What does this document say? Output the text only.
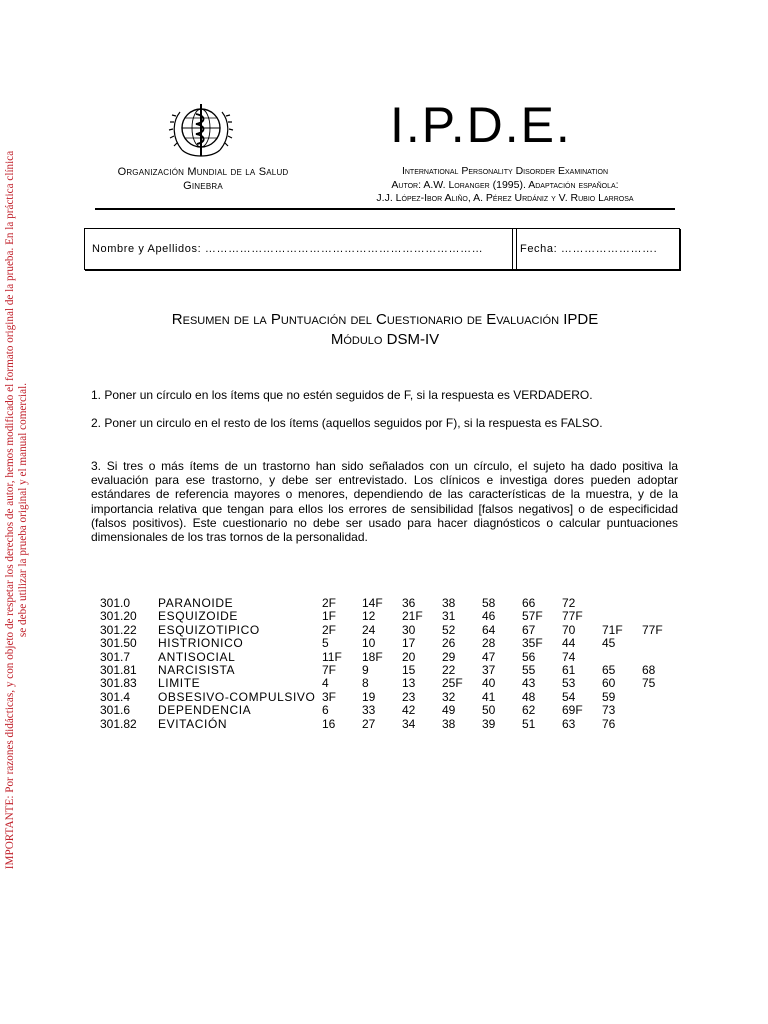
IMPORTANTE: Por razones didácticas, y con objeto de respetar los derechos de autor, hemos modificado el formato original de la prueba. En la práctica clínica se debe utilizar la prueba original y el manual comercial.
Organización Mundial de la Salud
Ginebra
I.P.D.E.
International Personality Disorder Examination
Autor: A.W. Loranger (1995). Adaptación española:
J.J. López-Ibor Aliño, A. Pérez Urdániz y V. Rubio Larrosa
Nombre y Apellidos: ………………………………………………………………	Fecha: …………………….
Resumen de la Puntuación del Cuestionario de Evaluación IPDE
Módulo DSM-IV
1. Poner un círculo en los ítems que no estén seguidos de F, si la respuesta es VERDADERO.
2. Poner un circulo en el resto de los ítems (aquellos seguidos por F), si la respuesta es FALSO.
3. Si tres o más ítems de un trastorno han sido señalados con un círculo, el sujeto ha dado positiva la evaluación para ese trastorno, y debe ser entrevistado. Los clínicos e investiga dores pueden adoptar estándares de referencia mayores o menores, dependiendo de las características de la muestra, y de la importancia relativa que tengan para ellos los errores de sensibilidad [falsos negativos] o de especificidad (falsos positivos). Este cuestionario no debe ser usado para hacer diagnósticos o calcular puntuaciones dimensionales de los tras tornos de la personalidad.
301.0	PARANOIDE	2F	14F	36	38	58	66	72		
301.20	ESQUIZOIDE	1F	12	21F	31	46	57F	77F		
301.22	ESQUIZOTIPICO	2F	24	30	52	64	67	70	71F	77F
301.50	HISTRIONICO	5	10	17	26	28	35F	44	45	
301.7	ANTISOCIAL	11F	18F	20	29	47	56	74		
301.81	NARCISISTA	7F	9	15	22	37	55	61	65	68
301.83	LIMITE	4	8	13	25F	40	43	53	60	75
301.4	OBSESIVO-COMPULSIVO	3F	19	23	32	41	48	54	59	
301.6	DEPENDENCIA	6	33	42	49	50	62	69F	73	
301.82	EVITACIÓN	16	27	34	38	39	51	63	76	
